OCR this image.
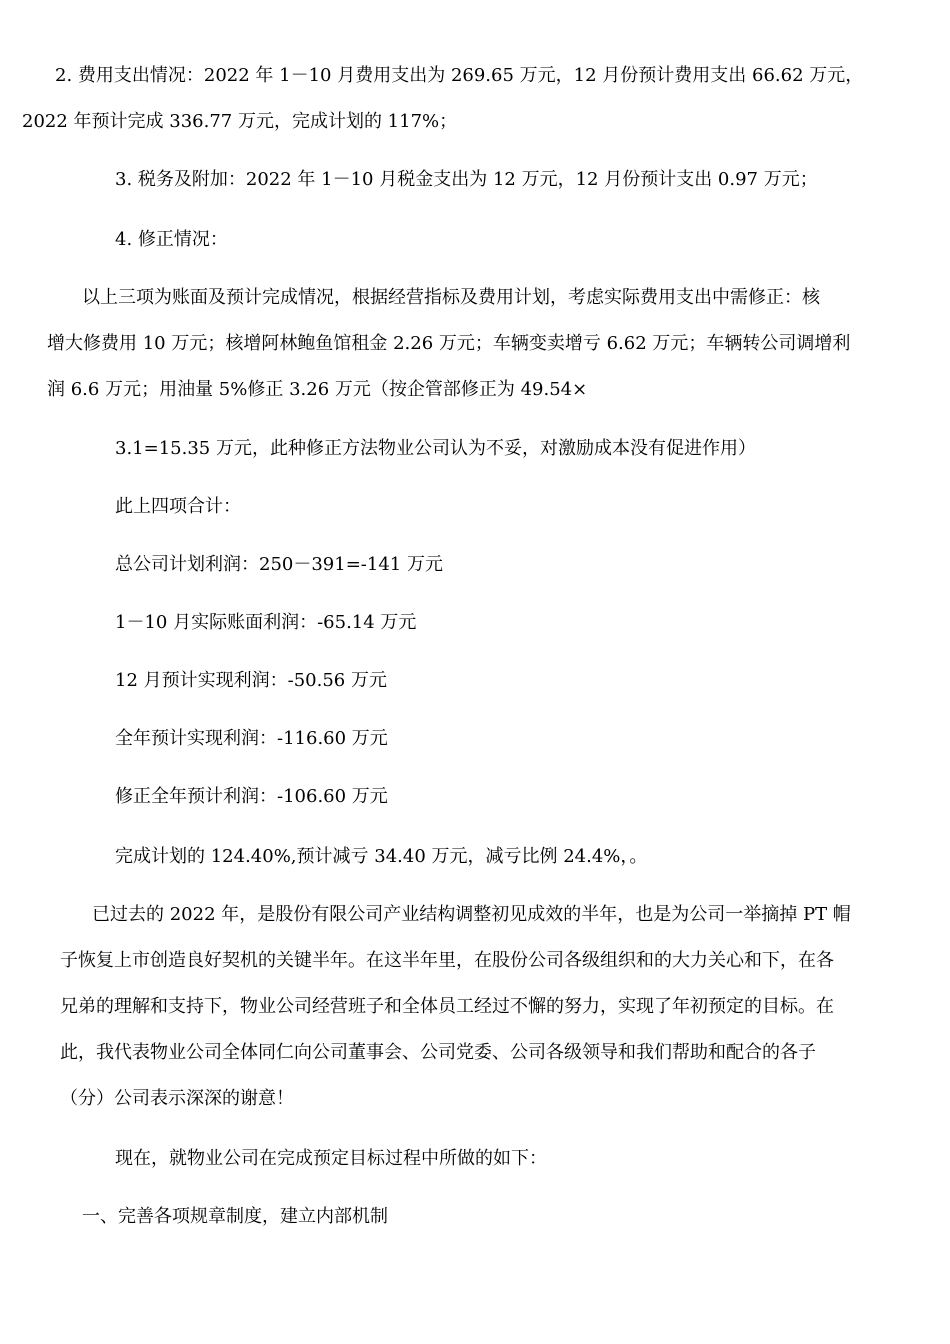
2. 费用支出情况：2022 年 1－10 月费用支出为 269.65 万元，12 月份预计费用支出 66.62 万元，
2022 年预计完成 336.77 万元，完成计划的 117%；
3. 税务及附加：2022 年 1－10 月税金支出为 12 万元，12 月份预计支出 0.97 万元；
4. 修正情况：
以上三项为账面及预计完成情况，根据经营指标及费用计划，考虑实际费用支出中需修正：核
增大修费用 10 万元；核增阿林鲍鱼馆租金 2.26 万元；车辆变卖增亏 6.62 万元；车辆转公司调增利
润 6.6 万元；用油量 5%修正 3.26 万元（按企管部修正为 49.54×
3.1=15.35 万元，此种修正方法物业公司认为不妥，对激励成本没有促进作用）
此上四项合计：
总公司计划利润：250－391=-141 万元
1－10 月实际账面利润：-65.14 万元
12 月预计实现利润：-50.56 万元
全年预计实现利润：-116.60 万元
修正全年预计利润：-106.60 万元
完成计划的 124.40%,预计减亏 34.40 万元，减亏比例 24.4%，。
已过去的 2022 年，是股份有限公司产业结构调整初见成效的半年，也是为公司一举摘掉 PT 帽
子恢复上市创造良好契机的关键半年。在这半年里，在股份公司各级组织和的大力关心和下，在各
兄弟的理解和支持下，物业公司经营班子和全体员工经过不懈的努力，实现了年初预定的目标。在
此，我代表物业公司全体同仁向公司董事会、公司党委、公司各级领导和我们帮助和配合的各子
（分）公司表示深深的谢意！
现在，就物业公司在完成预定目标过程中所做的如下：
一、完善各项规章制度，建立内部机制
